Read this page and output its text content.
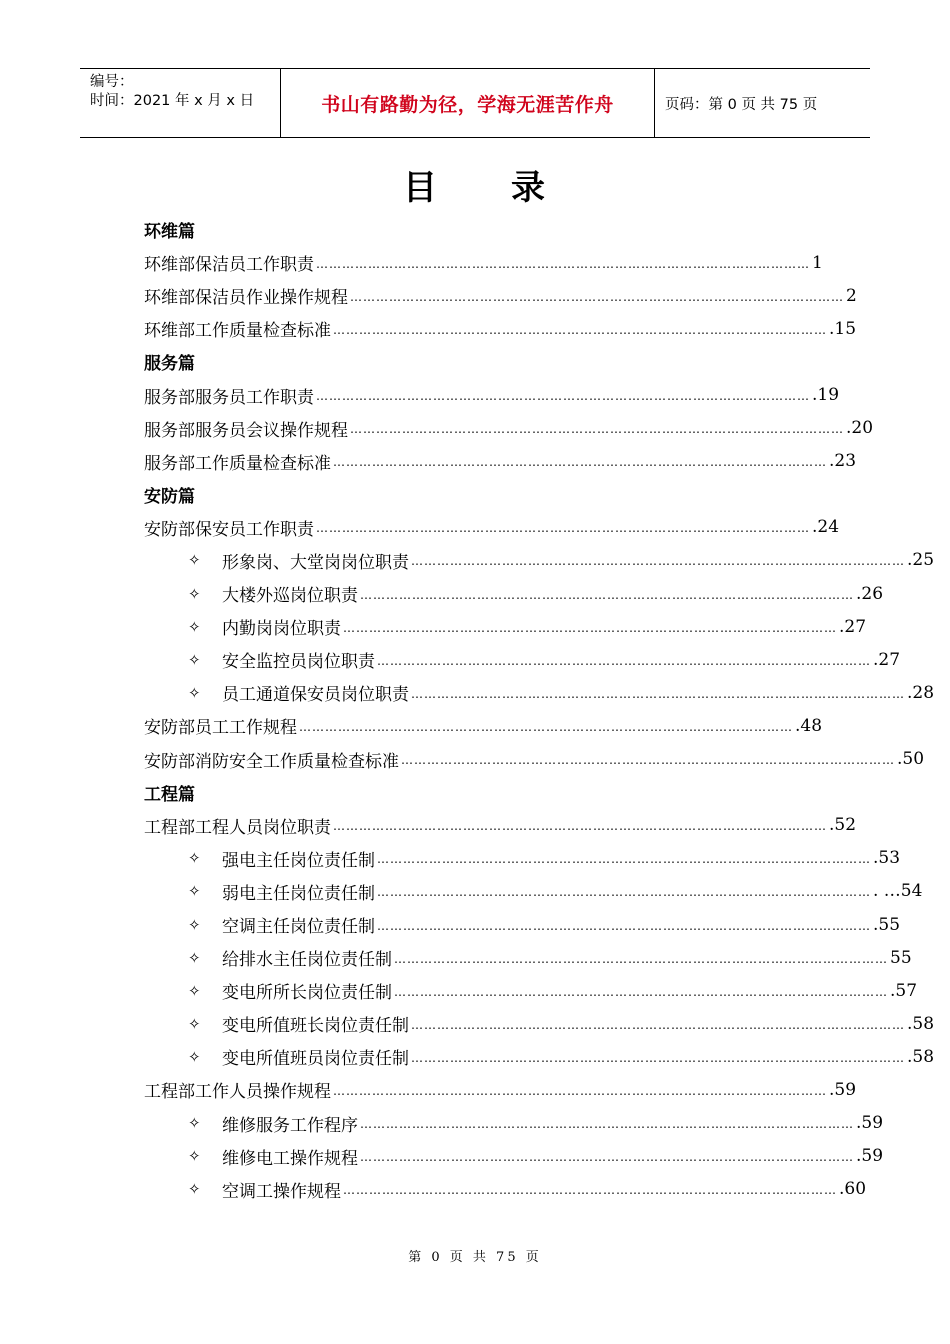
编号：
时间：2021 年 x 月 x 日	书山有路勤为径，学海无涯苦作舟	页码：第 0 页 共 75 页
目 录
环维篇
环维部保洁员工作职责 …………………………………………………………………………………………………… 1
环维部保洁员作业操作规程 …………………………………………………………………………………………………… 2
环维部工作质量检查标准 …………………………………………………………………………………………………… .15
服务篇
服务部服务员工作职责 …………………………………………………………………………………………………… .19
服务部服务员会议操作规程 …………………………………………………………………………………………………… .20
服务部工作质量检查标准 …………………………………………………………………………………………………… .23
安防篇
安防部保安员工作职责 …………………………………………………………………………………………………… .24
✧	形象岗、大堂岗岗位职责 …………………………………………………………………………………………………… .25
✧	大楼外巡岗位职责 …………………………………………………………………………………………………… .26
✧	内勤岗岗位职责 …………………………………………………………………………………………………… .27
✧	安全监控员岗位职责 …………………………………………………………………………………………………… .27
✧	员工通道保安员岗位职责 …………………………………………………………………………………………………… .28
安防部员工工作规程 …………………………………………………………………………………………………… .48
安防部消防安全工作质量检查标准 …………………………………………………………………………………………………… .50
工程篇
工程部工程人员岗位职责 …………………………………………………………………………………………………… .52
✧	强电主任岗位责任制 …………………………………………………………………………………………………… .53
✧	弱电主任岗位责任制 …………………………………………………………………………………………………… . …54
✧	空调主任岗位责任制 …………………………………………………………………………………………………… .55
✧	给排水主任岗位责任制 …………………………………………………………………………………………………… 55
✧	变电所所长岗位责任制 …………………………………………………………………………………………………… .57
✧	变电所值班长岗位责任制 …………………………………………………………………………………………………… .58
✧	变电所值班员岗位责任制 …………………………………………………………………………………………………… .58
工程部工作人员操作规程 …………………………………………………………………………………………………… .59
✧	维修服务工作程序 …………………………………………………………………………………………………… .59
✧	维修电工操作规程 …………………………………………………………………………………………………… .59
✧	空调工操作规程 …………………………………………………………………………………………………… .60
第 0 页 共 75 页
